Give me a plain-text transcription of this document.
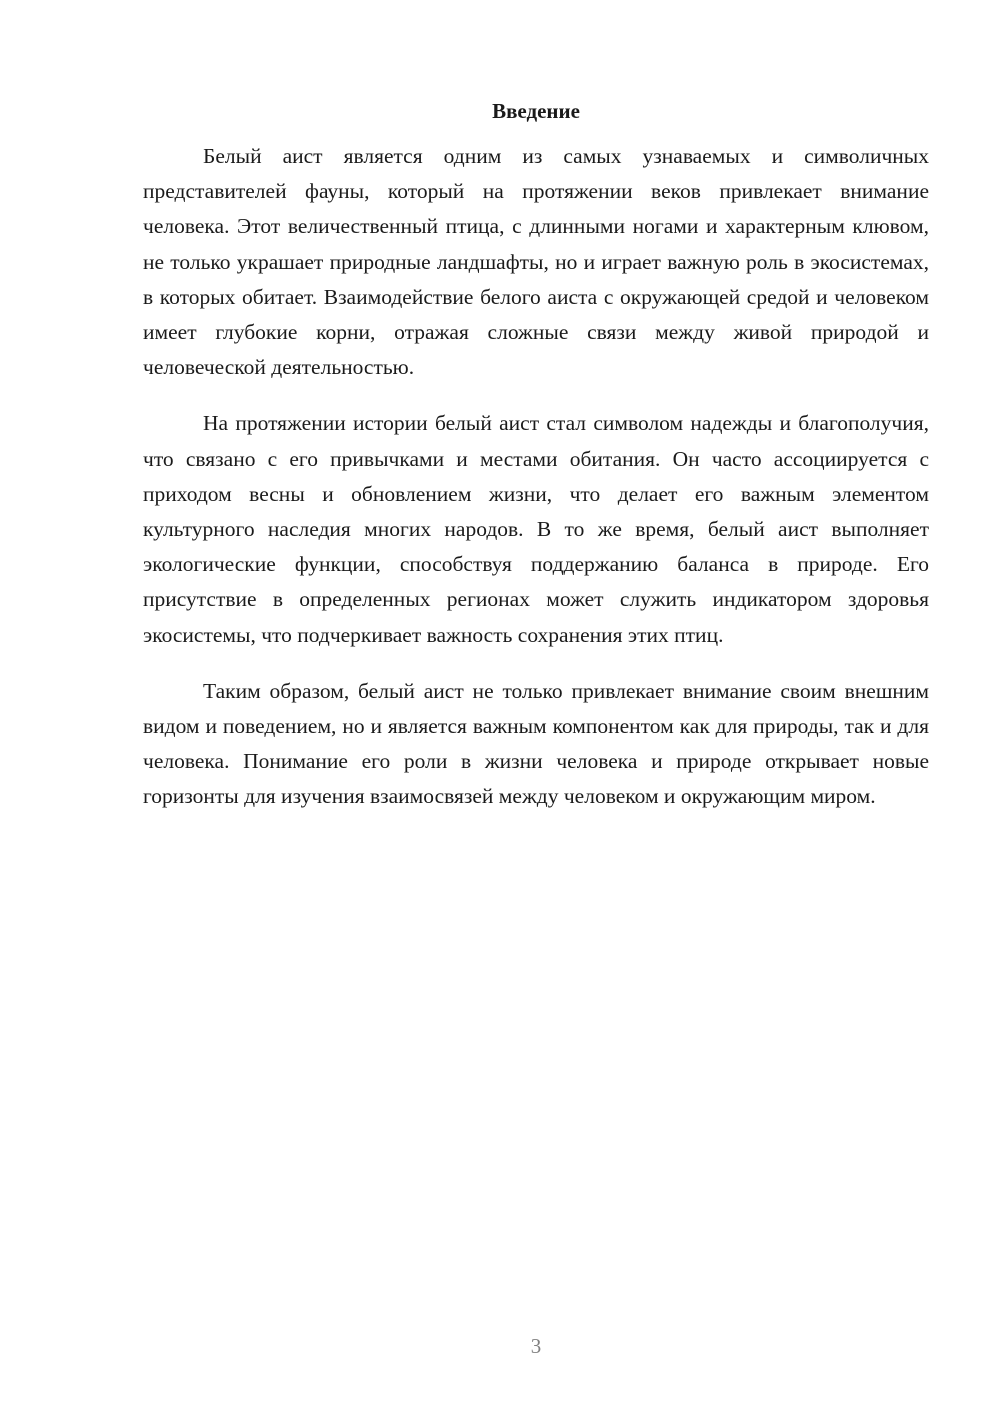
Введение

Белый аист является одним из самых узнаваемых и символичных представителей фауны, который на протяжении веков привлекает внимание человека. Этот величественный птица, с длинными ногами и характерным клювом, не только украшает природные ландшафты, но и играет важную роль в экосистемах, в которых обитает. Взаимодействие белого аиста с окружающей средой и человеком имеет глубокие корни, отражая сложные связи между живой природой и человеческой деятельностью.

На протяжении истории белый аист стал символом надежды и благополучия, что связано с его привычками и местами обитания. Он часто ассоциируется с приходом весны и обновлением жизни, что делает его важным элементом культурного наследия многих народов. В то же время, белый аист выполняет экологические функции, способствуя поддержанию баланса в природе. Его присутствие в определенных регионах может служить индикатором здоровья экосистемы, что подчеркивает важность сохранения этих птиц.

Таким образом, белый аист не только привлекает внимание своим внешним видом и поведением, но и является важным компонентом как для природы, так и для человека. Понимание его роли в жизни человека и природе открывает новые горизонты для изучения взаимосвязей между человеком и окружающим миром.

3
